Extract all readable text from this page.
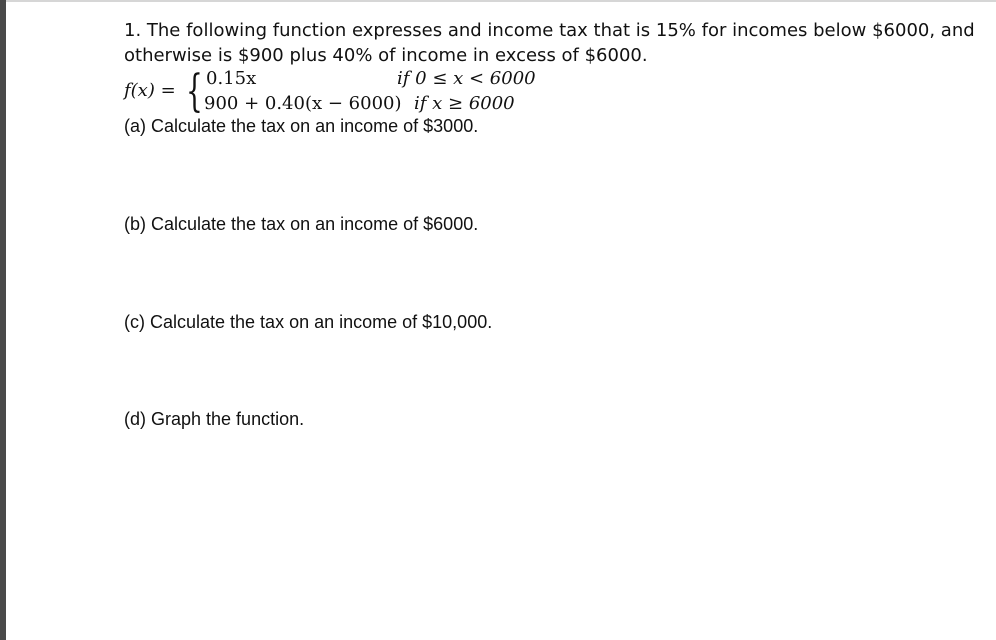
1. The following function expresses and income tax that is 15% for incomes below $6000, and

otherwise is $900 plus 40% of income in excess of $6000.

f(x) = { 0.15x	if 0 ≤ x < 6000
900 + 0.40(x − 6000) if x ≥ 6000
(a) Calculate the tax on an income of $3000.
(b) Calculate the tax on an income of $6000.
(c) Calculate the tax on an income of $10,000.
(d) Graph the function.
